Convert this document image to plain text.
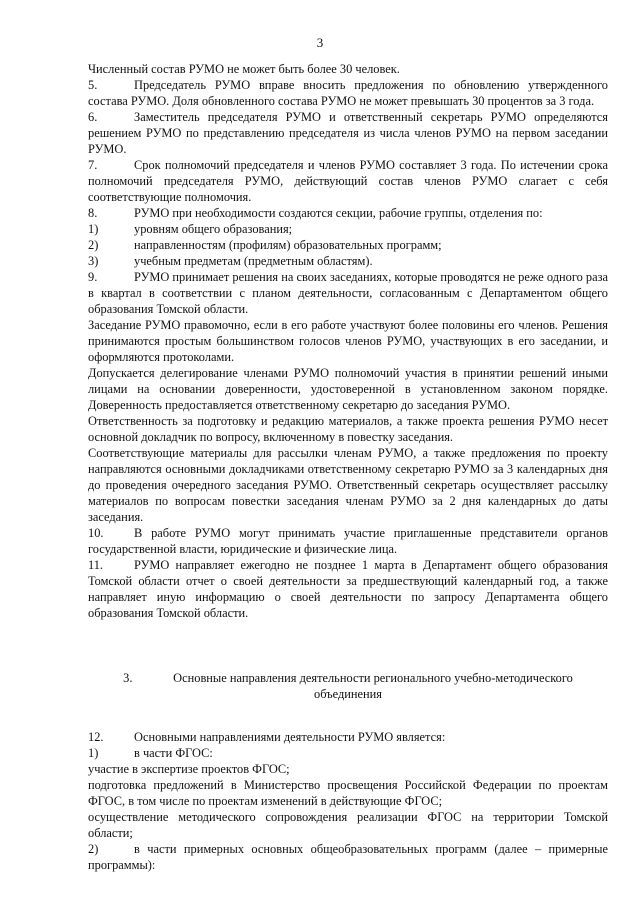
3

Численный состав РУМО не может быть более 30 человек.

5.	Председатель РУМО вправе вносить предложения по обновлению утвержденного состава РУМО. Доля обновленного состава РУМО не может превышать 30 процентов за 3 года.

6.	Заместитель председателя РУМО и ответственный секретарь РУМО определяются решением РУМО по представлению председателя из числа членов РУМО на первом заседании РУМО.

7.	Срок полномочий председателя и членов РУМО составляет 3 года. По истечении срока полномочий председателя РУМО, действующий состав членов РУМО слагает с себя соответствующие полномочия.

8.	РУМО при необходимости создаются секции, рабочие группы, отделения по:

1)	уровням общего образования;
2)	направленностям (профилям) образовательных программ;
3)	учебным предметам (предметным областям).

9.	РУМО принимает решения на своих заседаниях, которые проводятся не реже одного раза в квартал в соответствии с планом деятельности, согласованным с Департаментом общего образования Томской области.

Заседание РУМО правомочно, если в его работе участвуют более половины его членов. Решения принимаются простым большинством голосов членов РУМО, участвующих в его заседании, и оформляются протоколами.

Допускается делегирование членами РУМО полномочий участия в принятии решений иными лицами на основании доверенности, удостоверенной в установленном законом порядке. Доверенность предоставляется ответственному секретарю до заседания РУМО.

Ответственность за подготовку и редакцию материалов, а также проекта решения РУМО несет основной докладчик по вопросу, включенному в повестку заседания.

Соответствующие материалы для рассылки членам РУМО, а также предложения по проекту направляются основными докладчиками ответственному секретарю РУМО за 3 календарных дня до проведения очередного заседания РУМО. Ответственный секретарь осуществляет рассылку материалов по вопросам повестки заседания членам РУМО за 2 дня календарных до даты заседания.

10. В работе РУМО могут принимать участие приглашенные представители органов государственной власти, юридические и физические лица.

11. РУМО направляет ежегодно не позднее 1 марта в Департамент общего образования Томской области отчет о своей деятельности за предшествующий календарный год, а также направляет иную информацию о своей деятельности по запросу Департамента общего образования Томской области.

3.	Основные направления деятельности регионального учебно-методического объединения

12. Основными направлениями деятельности РУМО является:

1)	в части ФГОС:

участие в экспертизе проектов ФГОС;

подготовка предложений в Министерство просвещения Российской Федерации по проектам ФГОС, в том числе по проектам изменений в действующие ФГОС;

осуществление методического сопровождения реализации ФГОС на территории Томской области;

2)	в части примерных основных общеобразовательных программ (далее – примерные программы):
